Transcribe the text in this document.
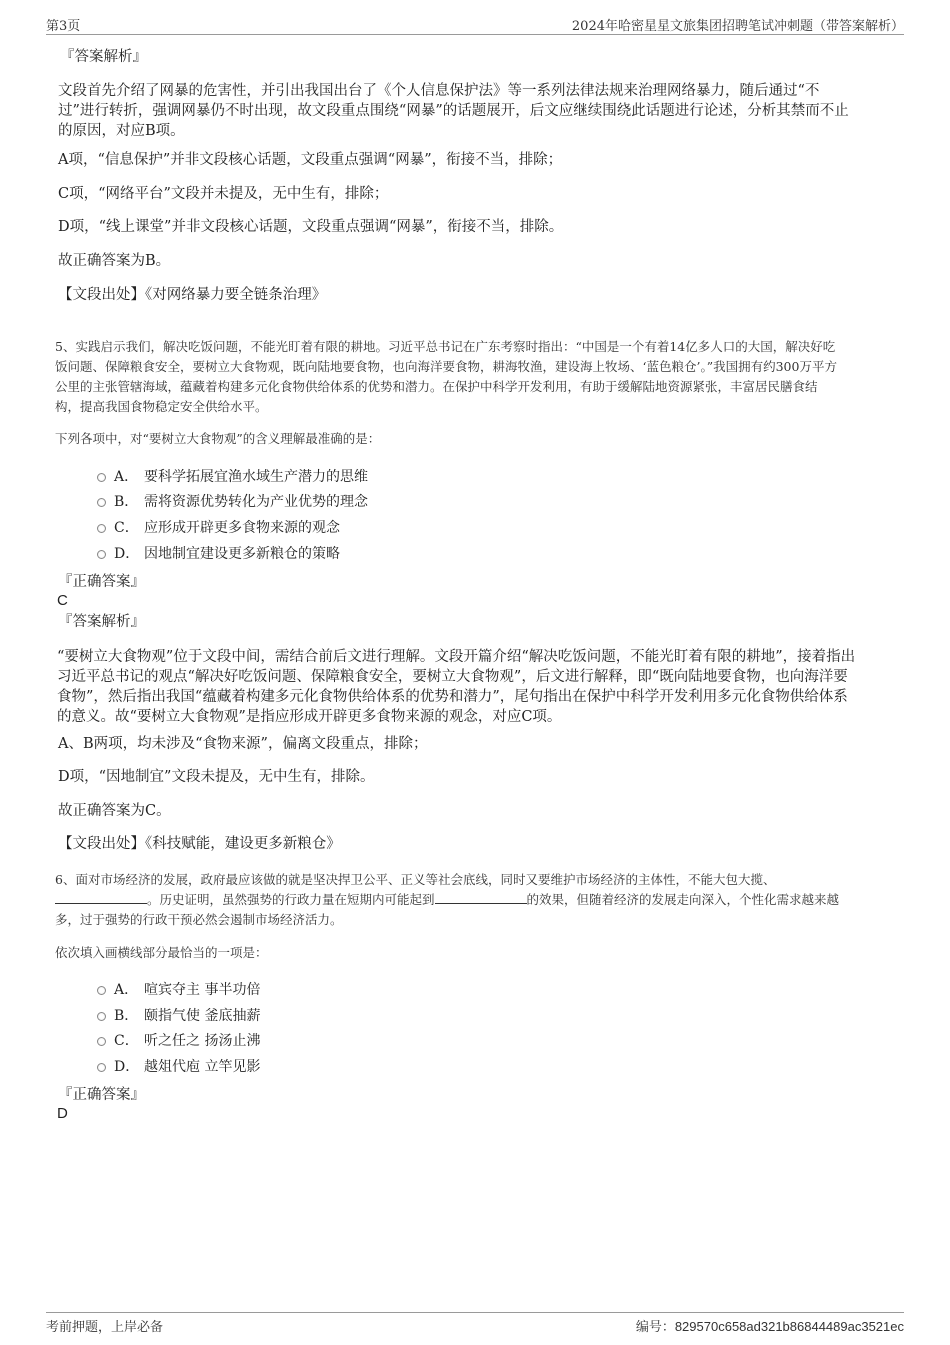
第3页	2024年哈密星星文旅集团招聘笔试冲刺题（带答案解析）
『答案解析』
文段首先介绍了网暴的危害性，并引出我国出台了《个人信息保护法》等一系列法律法规来治理网络暴力，随后通过“不
过”进行转折，强调网暴仍不时出现，故文段重点围绕“网暴”的话题展开，后文应继续围绕此话题进行论述，分析其禁而不止
的原因，对应B项。
A项，“信息保护”并非文段核心话题，文段重点强调“网暴”，衔接不当，排除；
C项，“网络平台”文段并未提及，无中生有，排除；
D项，“线上课堂”并非文段核心话题，文段重点强调“网暴”，衔接不当，排除。
故正确答案为B。
【文段出处】《对网络暴力要全链条治理》
5、实践启示我们，解决吃饭问题，不能光盯着有限的耕地。习近平总书记在广东考察时指出：“中国是一个有着14亿多人口的大国，解决好吃
饭问题、保障粮食安全，要树立大食物观，既向陆地要食物，也向海洋要食物，耕海牧渔，建设海上牧场、‘蓝色粮仓’。”我国拥有约300万平方
公里的主张管辖海域，蕴藏着构建多元化食物供给体系的优势和潜力。在保护中科学开发利用，有助于缓解陆地资源紧张，丰富居民膳食结
构，提高我国食物稳定安全供给水平。
下列各项中，对“要树立大食物观”的含义理解最准确的是：
A． 要科学拓展宜渔水域生产潜力的思维
B． 需将资源优势转化为产业优势的理念
C． 应形成开辟更多食物来源的观念
D． 因地制宜建设更多新粮仓的策略
『正确答案』
C
『答案解析』
“要树立大食物观”位于文段中间，需结合前后文进行理解。文段开篇介绍“解决吃饭问题，不能光盯着有限的耕地”，接着指出
习近平总书记的观点“解决好吃饭问题、保障粮食安全，要树立大食物观”，后文进行解释，即“既向陆地要食物，也向海洋要
食物”，然后指出我国“蕴藏着构建多元化食物供给体系的优势和潜力”，尾句指出在保护中科学开发利用多元化食物供给体系
的意义。故“要树立大食物观”是指应形成开辟更多食物来源的观念，对应C项。
A、B两项，均未涉及“食物来源”，偏离文段重点，排除；
D项，“因地制宜”文段未提及，无中生有，排除。
故正确答案为C。
【文段出处】《科技赋能，建设更多新粮仓》
6、面对市场经济的发展，政府最应该做的就是坚决捍卫公平、正义等社会底线，同时又要维护市场经济的主体性，不能大包大揽、
。历史证明，虽然强势的行政力量在短期内可能起到	的效果，但随着经济的发展走向深入，个性化需求越来越
多，过于强势的行政干预必然会遏制市场经济活力。
依次填入画横线部分最恰当的一项是：
A． 喧宾夺主 事半功倍
B． 颐指气使 釜底抽薪
C． 听之任之 扬汤止沸
D． 越俎代庖 立竿见影
『正确答案』
D
考前押题，上岸必备	编号：829570c658ad321b86844489ac3521ec
